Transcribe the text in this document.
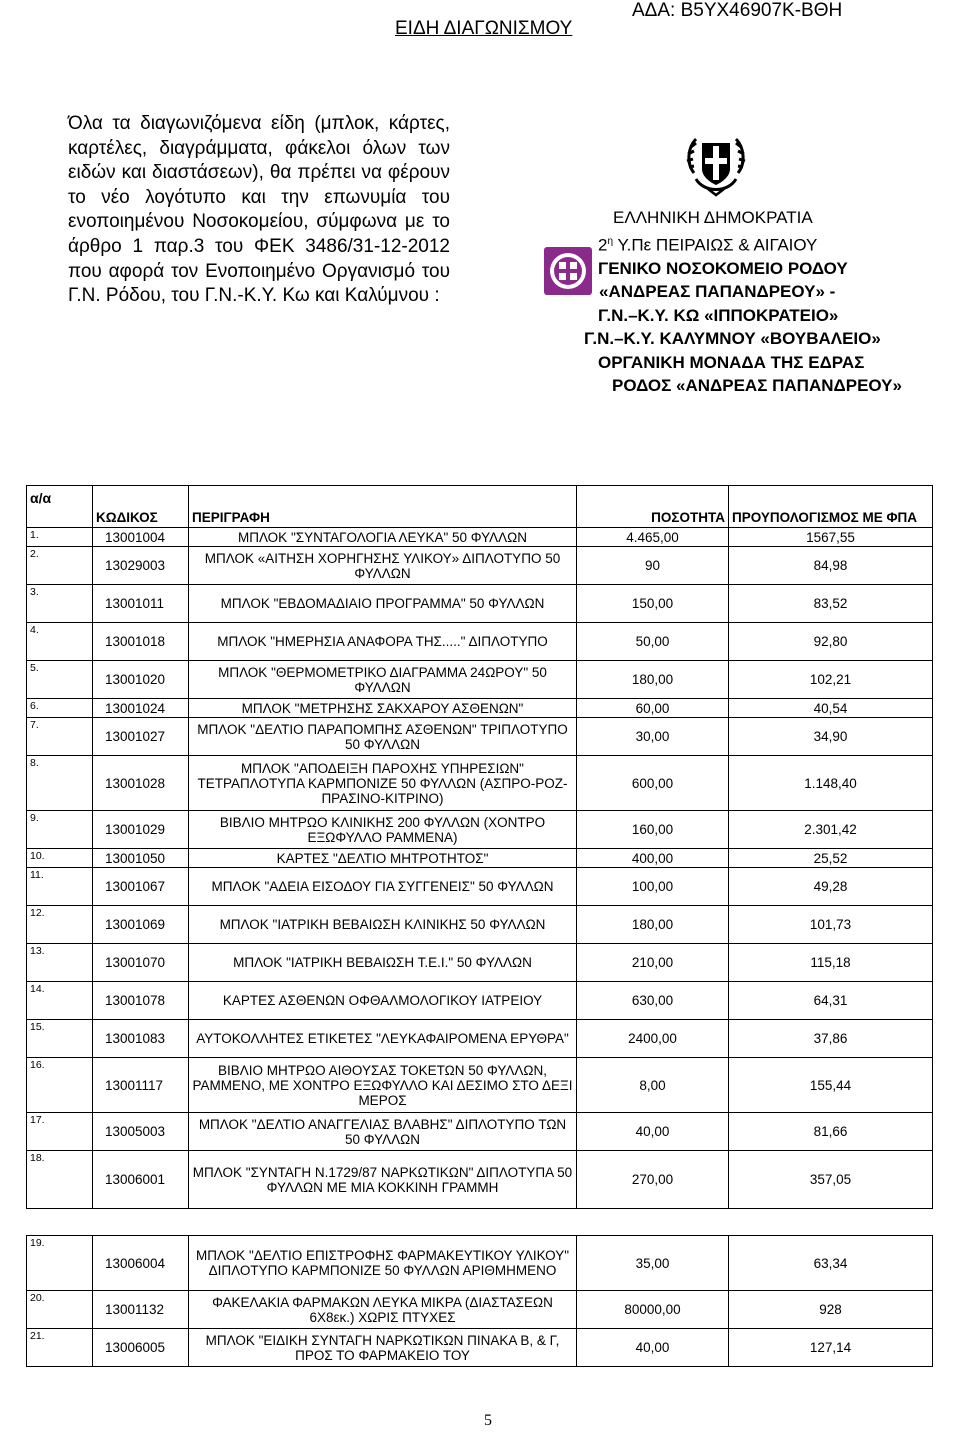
ΕΙΔΗ ΔΙΑΓΩΝΙΣΜΟΥ
ΑΔΑ: Β5ΥΧ46907Κ-ΒΘΗ
Όλα τα διαγωνιζόμενα είδη (μπλοκ, κάρτες, καρτέλες, διαγράμματα, φάκελοι όλων των ειδών και διαστάσεων), θα πρέπει να φέρουν το νέο λογότυπο και την επωνυμία του ενοποιημένου Νοσοκομείου, σύμφωνα με το άρθρο 1 παρ.3 του ΦΕΚ 3486/31-12-2012 που αφορά τον Ενοποιημένο Οργανισμό του Γ.Ν. Ρόδου, του Γ.Ν.-Κ.Υ. Κω και Καλύμνου :
ΕΛΛΗΝΙΚΗ ΔΗΜΟΚΡΑΤΙΑ
$2^\eta$ Υ.Πε ΠΕΙΡΑΙΩΣ & ΑΙΓΑΙΟΥ
ΓΕΝΙΚΟ ΝΟΣΟΚΟΜΕΙΟ ΡΟΔΟΥ
«ΑΝΔΡΕΑΣ ΠΑΠΑΝΔΡΕΟΥ» -
Γ.Ν.–Κ.Υ. ΚΩ «ΙΠΠΟΚΡΑΤΕΙΟ»
Γ.Ν.–Κ.Υ. ΚΑΛΥΜΝΟΥ «ΒΟΥΒΑΛΕΙΟ»
ΟΡΓΑΝΙΚΗ ΜΟΝΑΔΑ ΤΗΣ ΕΔΡΑΣ
ΡΟΔΟΣ «ΑΝΔΡΕΑΣ ΠΑΠΑΝΔΡΕΟΥ»
α/α	ΚΩΔΙΚΟΣ	ΠΕΡΙΓΡΑΦΗ	ΠΟΣΟΤΗΤΑ	ΠΡΟΥΠΟΛΟΓΙΣΜΟΣ ΜΕ ΦΠΑ
1.	13001004	ΜΠΛΟΚ "ΣΥΝΤΑΓΟΛΟΓΙΑ ΛΕΥΚΑ" 50 ΦΥΛΛΩΝ	4.465,00	1567,55
2.	13029003	ΜΠΛΟΚ «ΑΙΤΗΣΗ ΧΟΡΗΓΗΣΗΣ ΥΛΙΚΟΥ» ΔΙΠΛΟΤΥΠΟ 50 ΦΥΛΛΩΝ	90	84,98
3.	13001011	ΜΠΛΟΚ "ΕΒΔΟΜΑΔΙΑΙΟ ΠΡΟΓΡΑΜΜΑ" 50 ΦΥΛΛΩΝ	150,00	83,52
4.	13001018	ΜΠΛΟΚ "ΗΜΕΡΗΣΙΑ ΑΝΑΦΟΡΑ ΤΗΣ....." ΔΙΠΛΟΤΥΠΟ	50,00	92,80
5.	13001020	ΜΠΛΟΚ "ΘΕΡΜΟΜΕΤΡΙΚΟ ΔΙΑΓΡΑΜΜΑ 24ΩΡΟΥ" 50 ΦΥΛΛΩΝ	180,00	102,21
6.	13001024	ΜΠΛΟΚ "ΜΕΤΡΗΣΗΣ ΣΑΚΧΑΡΟΥ ΑΣΘΕΝΩΝ"	60,00	40,54
7.	13001027	ΜΠΛΟΚ "ΔΕΛΤΙΟ ΠΑΡΑΠΟΜΠΗΣ ΑΣΘΕΝΩΝ" ΤΡΙΠΛΟΤΥΠΟ 50 ΦΥΛΛΩΝ	30,00	34,90
8.	13001028	ΜΠΛΟΚ "ΑΠΟΔΕΙΞΗ ΠΑΡΟΧΗΣ ΥΠΗΡΕΣΙΩΝ" ΤΕΤΡΑΠΛΟΤΥΠΑ ΚΑΡΜΠΟΝΙΖΕ 50 ΦΥΛΛΩΝ (ΑΣΠΡΟ-ΡΟΖ-ΠΡΑΣΙΝΟ-ΚΙΤΡΙΝΟ)	600,00	1.148,40
9.	13001029	ΒΙΒΛΙΟ ΜΗΤΡΩΟ ΚΛΙΝΙΚΗΣ 200 ΦΥΛΛΩΝ (ΧΟΝΤΡΟ ΕΞΩΦΥΛΛΟ ΡΑΜΜΕΝΑ)	160,00	2.301,42
10.	13001050	ΚΑΡΤΕΣ "ΔΕΛΤΙΟ ΜΗΤΡΟΤΗΤΟΣ"	400,00	25,52
11.	13001067	ΜΠΛΟΚ "ΑΔΕΙΑ ΕΙΣΟΔΟΥ ΓΙΑ ΣΥΓΓΕΝΕΙΣ" 50 ΦΥΛΛΩΝ	100,00	49,28
12.	13001069	ΜΠΛΟΚ "ΙΑΤΡΙΚΗ ΒΕΒΑΙΩΣΗ ΚΛΙΝΙΚΗΣ 50 ΦΥΛΛΩΝ	180,00	101,73
13.	13001070	ΜΠΛΟΚ "ΙΑΤΡΙΚΗ ΒΕΒΑΙΩΣΗ Τ.Ε.Ι." 50 ΦΥΛΛΩΝ	210,00	115,18
14.	13001078	ΚΑΡΤΕΣ ΑΣΘΕΝΩΝ ΟΦΘΑΛΜΟΛΟΓΙΚΟΥ ΙΑΤΡΕΙΟΥ	630,00	64,31
15.	13001083	ΑΥΤΟΚΟΛΛΗΤΕΣ ΕΤΙΚΕΤΕΣ "ΛΕΥΚΑΦΑΙΡΟΜΕΝΑ ΕΡΥΘΡΑ"	2400,00	37,86
16.	13001117	ΒΙΒΛΙΟ ΜΗΤΡΩΟ ΑΙΘΟΥΣΑΣ ΤΟΚΕΤΩΝ 50 ΦΥΛΛΩΝ, ΡΑΜΜΕΝΟ, ΜΕ ΧΟΝΤΡΟ ΕΞΩΦΥΛΛΟ ΚΑΙ ΔΕΣΙΜΟ ΣΤΟ ΔΕΞΙ ΜΕΡΟΣ	8,00	155,44
17.	13005003	ΜΠΛΟΚ "ΔΕΛΤΙΟ ΑΝΑΓΓΕΛΙΑΣ ΒΛΑΒΗΣ" ΔΙΠΛΟΤΥΠΟ ΤΩΝ 50 ΦΥΛΛΩΝ	40,00	81,66
18.	13006001	ΜΠΛΟΚ "ΣΥΝΤΑΓΗ Ν.1729/87 ΝΑΡΚΩΤΙΚΩΝ" ΔΙΠΛΟΤΥΠΑ 50 ΦΥΛΛΩΝ ΜΕ ΜΙΑ ΚΟΚΚΙΝΗ ΓΡΑΜΜΗ	270,00	357,05

19.	13006004	ΜΠΛΟΚ "ΔΕΛΤΙΟ ΕΠΙΣΤΡΟΦΗΣ ΦΑΡΜΑΚΕΥΤΙΚΟΥ ΥΛΙΚΟΥ" ΔΙΠΛΟΤΥΠΟ ΚΑΡΜΠΟΝΙΖΕ 50 ΦΥΛΛΩΝ ΑΡΙΘΜΗΜΕΝΟ	35,00	63,34
20.	13001132	ΦΑΚΕΛΑΚΙΑ ΦΑΡΜΑΚΩΝ ΛΕΥΚΑ ΜΙΚΡΑ (ΔΙΑΣΤΑΣΕΩΝ 6Χ8εκ.) ΧΩΡΙΣ ΠΤΥΧΕΣ	80000,00	928
21.	13006005	ΜΠΛΟΚ "ΕΙΔΙΚΗ ΣΥΝΤΑΓΗ ΝΑΡΚΩΤΙΚΩΝ ΠΙΝΑΚΑ Β, & Γ, ΠΡΟΣ ΤΟ ΦΑΡΜΑΚΕΙΟ ΤΟΥ	40,00	127,14
5
